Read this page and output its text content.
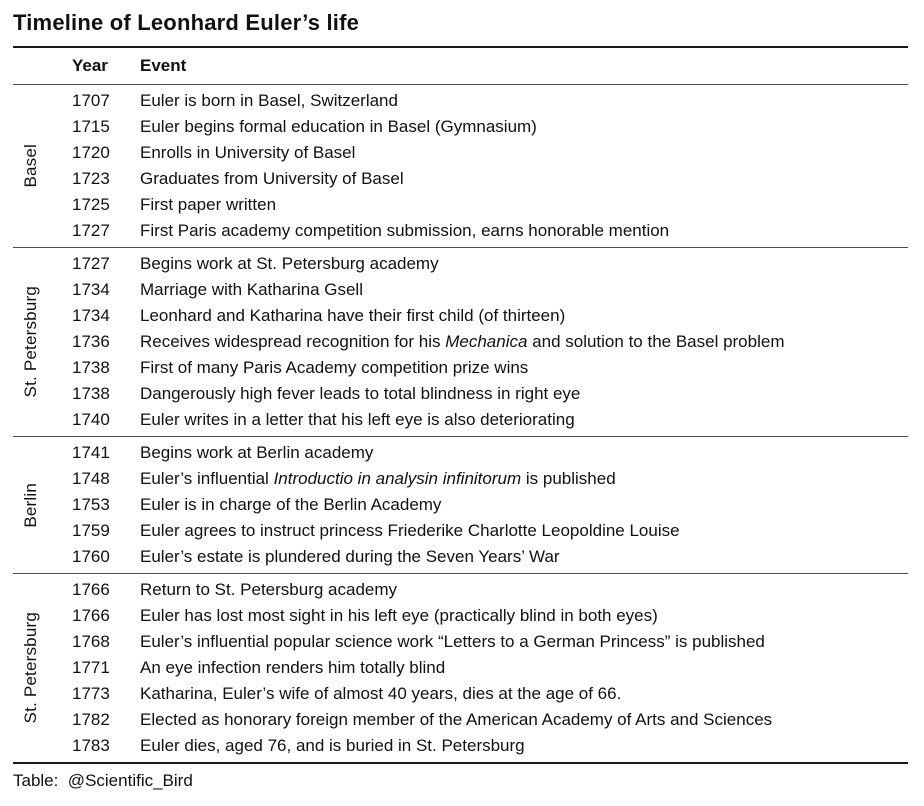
Timeline of Leonhard Euler’s life
Year Event
Basel
1707 Euler is born in Basel, Switzerland
1715 Euler begins formal education in Basel (Gymnasium)
1720 Enrolls in University of Basel
1723 Graduates from University of Basel
1725 First paper written
1727 First Paris academy competition submission, earns honorable mention
St. Petersburg
1727 Begins work at St. Petersburg academy
1734 Marriage with Katharina Gsell
1734 Leonhard and Katharina have their first child (of thirteen)
1736 Receives widespread recognition for his Mechanica and solution to the Basel problem
1738 First of many Paris Academy competition prize wins
1738 Dangerously high fever leads to total blindness in right eye
1740 Euler writes in a letter that his left eye is also deteriorating
Berlin
1741 Begins work at Berlin academy
1748 Euler’s influential Introductio in analysin infinitorum is published
1753 Euler is in charge of the Berlin Academy
1759 Euler agrees to instruct princess Friederike Charlotte Leopoldine Louise
1760 Euler’s estate is plundered during the Seven Years’ War
St. Petersburg
1766 Return to St. Petersburg academy
1766 Euler has lost most sight in his left eye (practically blind in both eyes)
1768 Euler’s influential popular science work “Letters to a German Princess” is published
1771 An eye infection renders him totally blind
1773 Katharina, Euler’s wife of almost 40 years, dies at the age of 66.
1782 Elected as honorary foreign member of the American Academy of Arts and Sciences
1783 Euler dies, aged 76, and is buried in St. Petersburg
Table:  @Scientific_Bird
